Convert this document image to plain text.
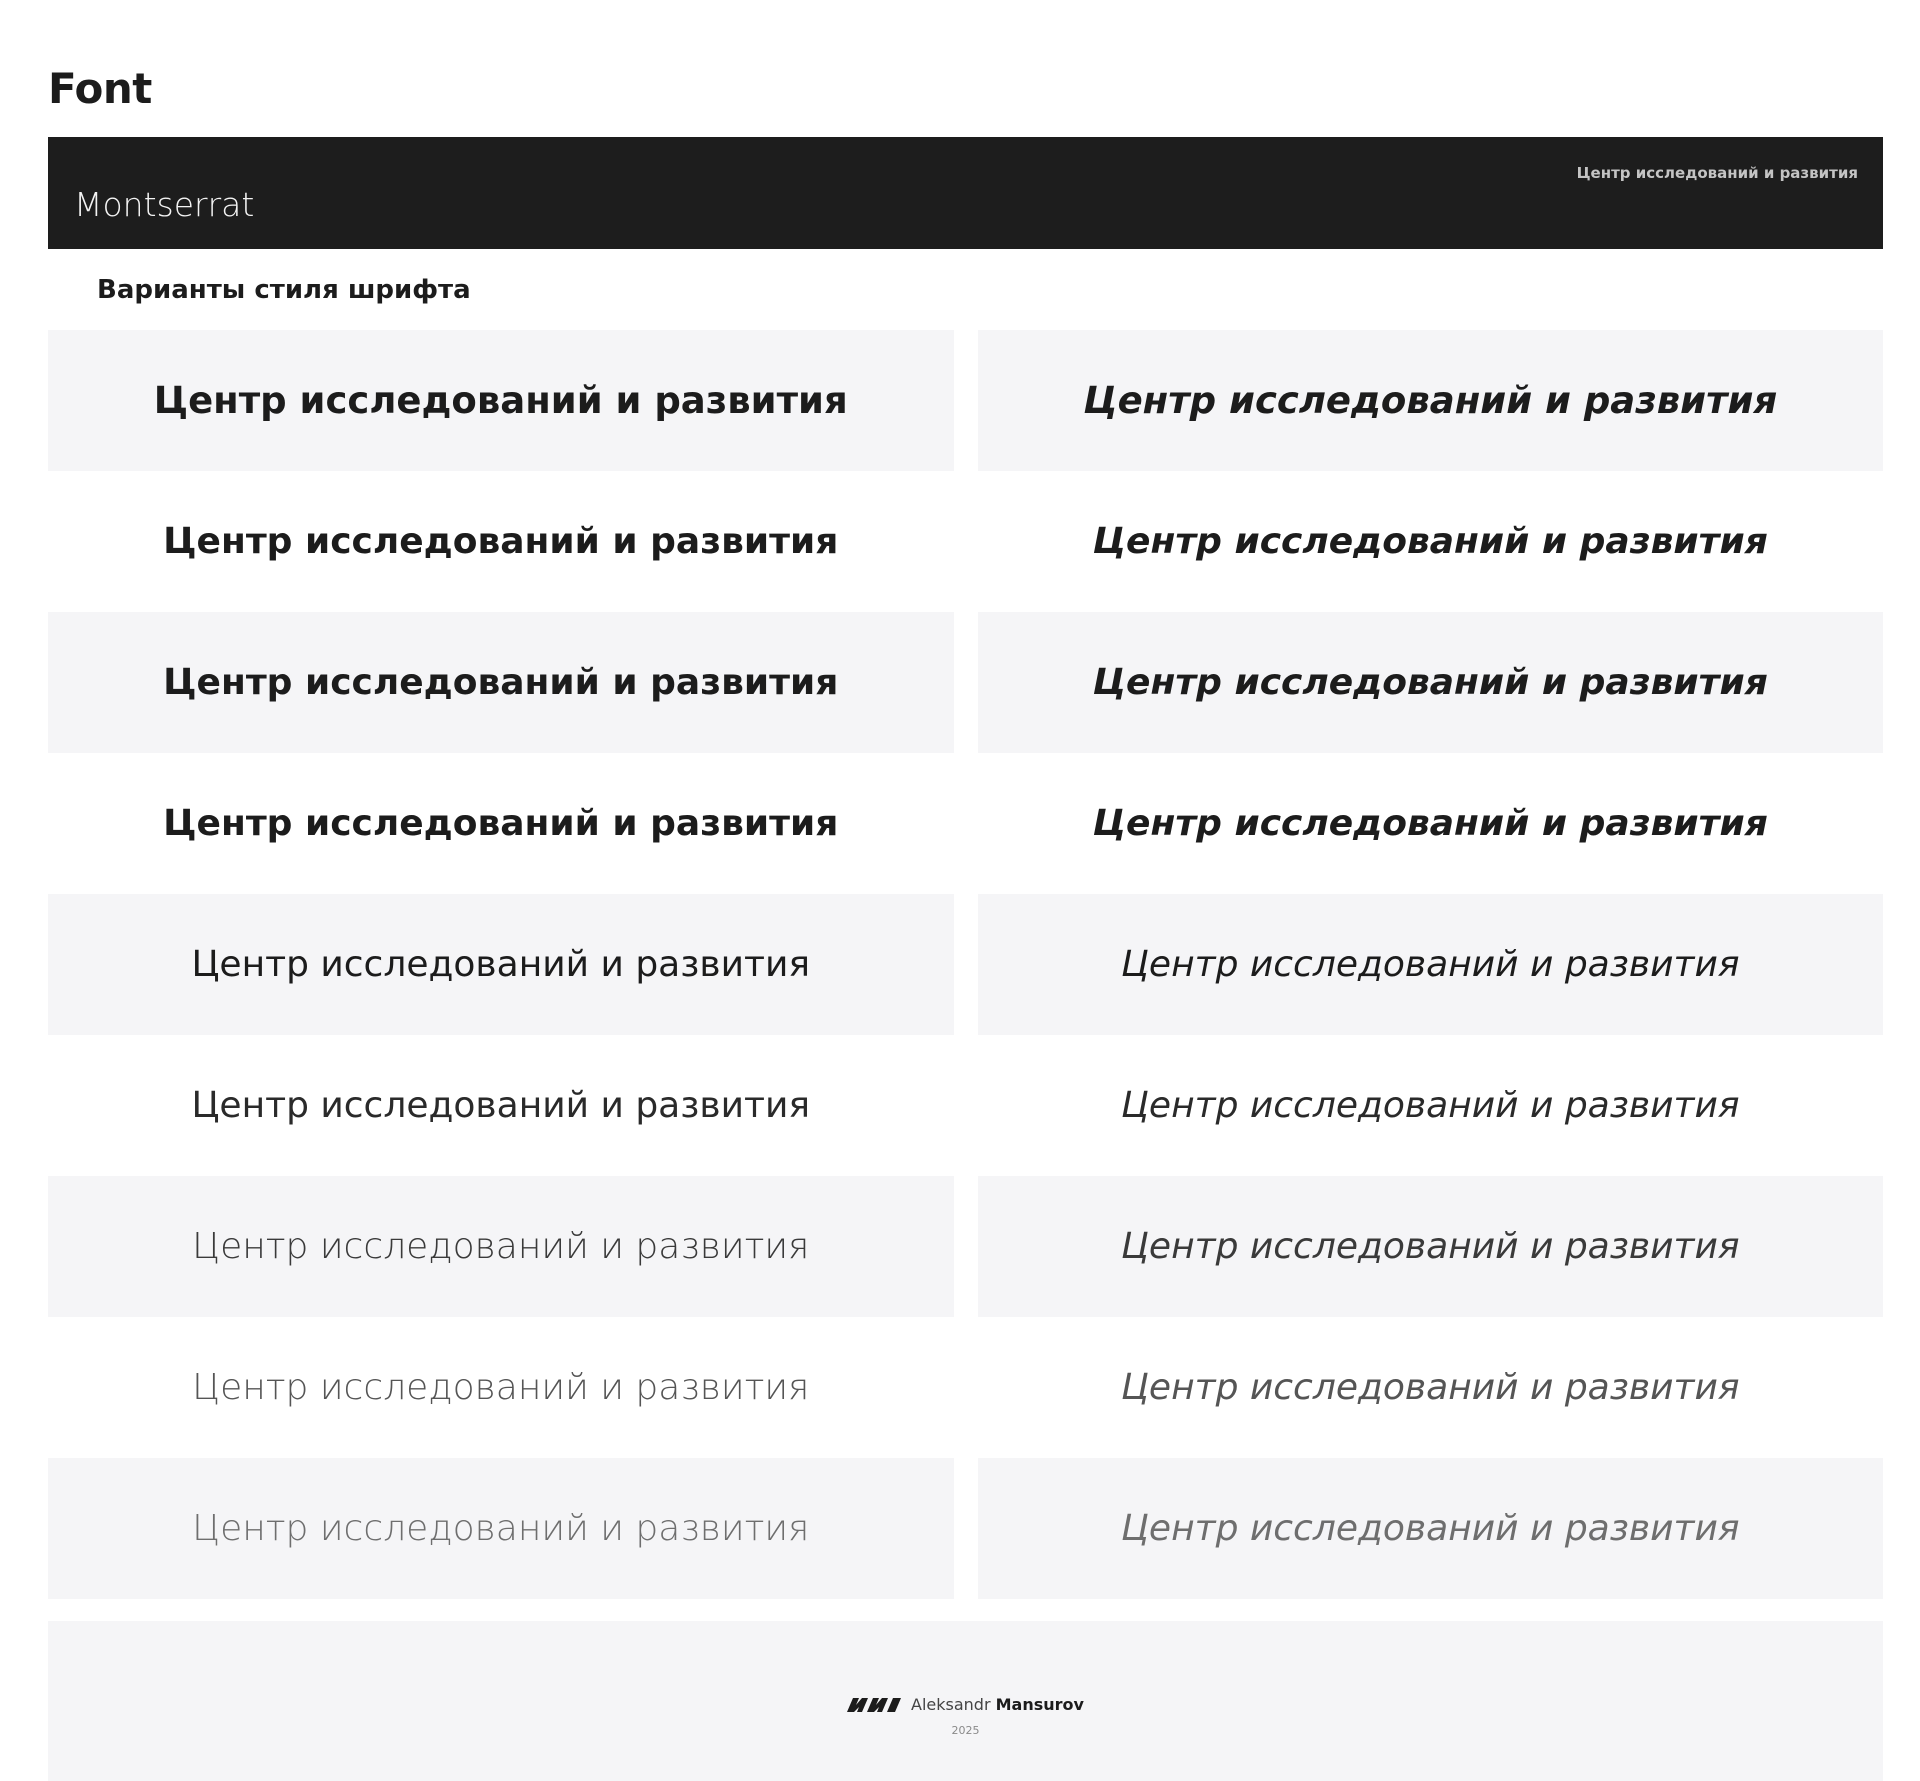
Font
Montserrat
Центр исследований и развития
Варианты стиля шрифта
Центр исследований и развития	Центр исследований и развития
Центр исследований и развития	Центр исследований и развития
Центр исследований и развития	Центр исследований и развития
Центр исследований и развития	Центр исследований и развития
Центр исследований и развития	Центр исследований и развития
Центр исследований и развития	Центр исследований и развития
Центр исследований и развития	Центр исследований и развития
Центр исследований и развития	Центр исследований и развития
Центр исследований и развития	Центр исследований и развития
Aleksandr Mansurov
2025
